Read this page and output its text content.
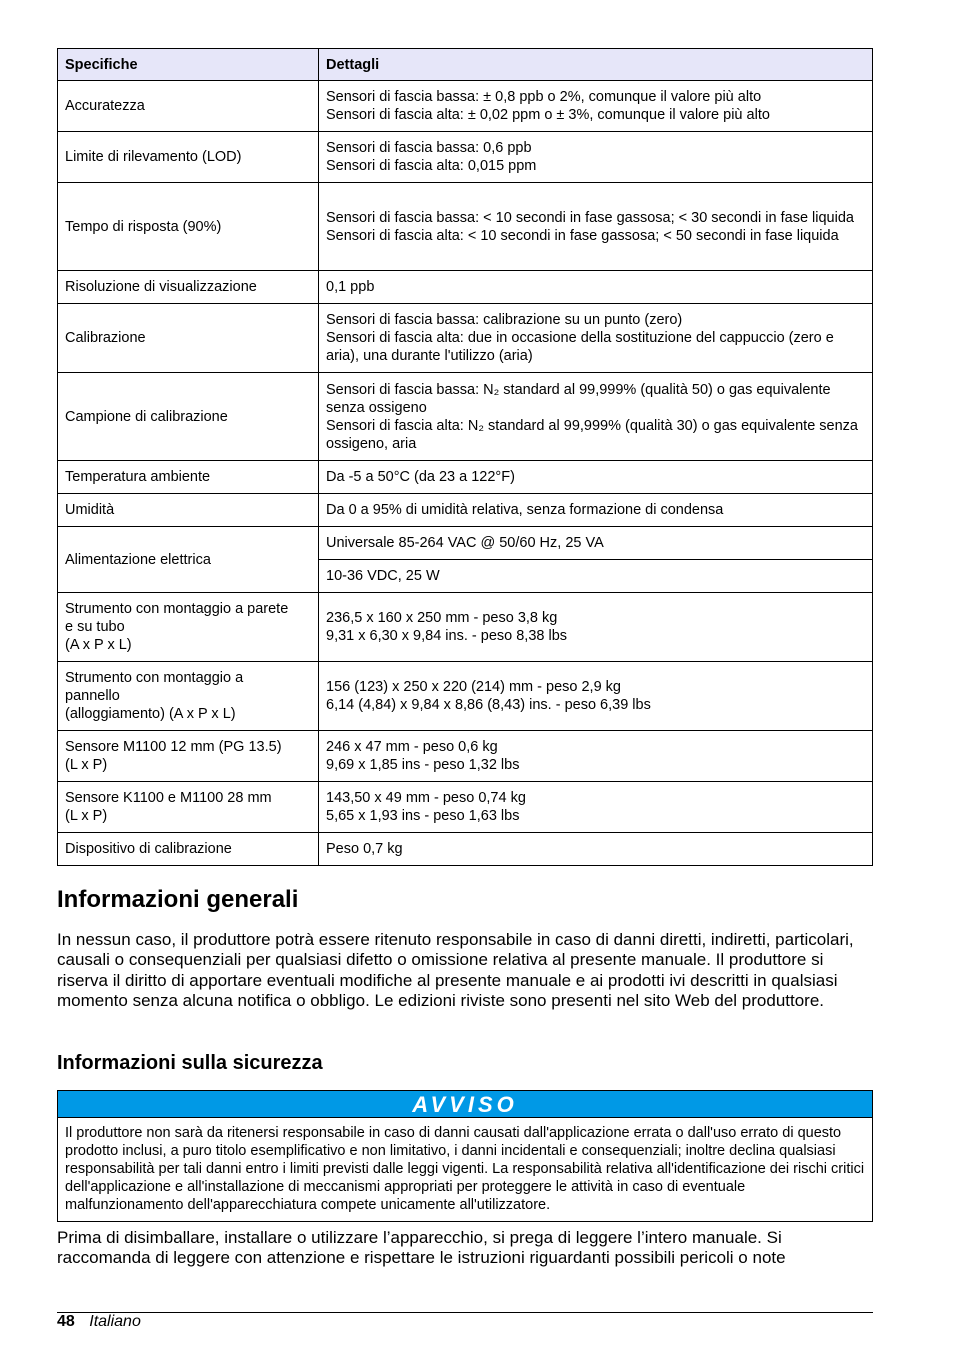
Specifiche	Dettagli

Accuratezza	Sensori di fascia bassa: ± 0,8 ppb o 2%, comunque il valore più alto
Sensori di fascia alta: ± 0,02 ppm o ± 3%, comunque il valore più alto

Limite di rilevamento (LOD)	Sensori di fascia bassa: 0,6 ppb
Sensori di fascia alta: 0,015 ppm

Tempo di risposta (90%)	Sensori di fascia bassa: < 10 secondi in fase gassosa; < 30 secondi in fase liquida
Sensori di fascia alta: < 10 secondi in fase gassosa; < 50 secondi in fase liquida

Risoluzione di visualizzazione	0,1 ppb

Calibrazione	Sensori di fascia bassa: calibrazione su un punto (zero)
Sensori di fascia alta: due in occasione della sostituzione del cappuccio (zero e aria), una durante l'utilizzo (aria)

Campione di calibrazione	Sensori di fascia bassa: N₂ standard al 99,999% (qualità 50) o gas equivalente senza ossigeno
Sensori di fascia alta: N₂ standard al 99,999% (qualità 30) o gas equivalente senza ossigeno, aria

Temperatura ambiente	Da -5 a 50°C (da 23 a 122°F)

Umidità	Da 0 a 95% di umidità relativa, senza formazione di condensa

Alimentazione elettrica	Universale 85-264 VAC @ 50/60 Hz, 25 VA

	10-36 VDC, 25 W

Strumento con montaggio a parete
e su tubo
(A x P x L)	236,5 x 160 x 250 mm - peso 3,8 kg
9,31 x 6,30 x 9,84 ins. - peso 8,38 lbs

Strumento con montaggio a
pannello
(alloggiamento) (A x P x L)	156 (123) x 250 x 220 (214) mm - peso 2,9 kg
6,14 (4,84) x 9,84 x 8,86 (8,43) ins. - peso 6,39 lbs

Sensore M1100 12 mm (PG 13.5)
(L x P)	246 x 47 mm - peso 0,6 kg
9,69 x 1,85 ins - peso 1,32 lbs

Sensore K1100 e M1100 28 mm
(L x P)	143,50 x 49 mm - peso 0,74 kg
5,65 x 1,93 ins - peso 1,63 lbs

Dispositivo di calibrazione	Peso 0,7 kg
Informazioni generali

In nessun caso, il produttore potrà essere ritenuto responsabile in caso di danni diretti, indiretti, particolari, causali o consequenziali per qualsiasi difetto o omissione relativa al presente manuale. Il produttore si riserva il diritto di apportare eventuali modifiche al presente manuale e ai prodotti ivi descritti in qualsiasi momento senza alcuna notifica o obbligo. Le edizioni riviste sono presenti nel sito Web del produttore.

Informazioni sulla sicurezza
AVVISO
Il produttore non sarà da ritenersi responsabile in caso di danni causati dall'applicazione errata o dall'uso errato di questo prodotto inclusi, a puro titolo esemplificativo e non limitativo, i danni incidentali e consequenziali; inoltre declina qualsiasi responsabilità per tali danni entro i limiti previsti dalle leggi vigenti. La responsabilità relativa all'identificazione dei rischi critici dell'applicazione e all'installazione di meccanismi appropriati per proteggere le attività in caso di eventuale malfunzionamento dell'apparecchiatura compete unicamente all'utilizzatore.

Prima di disimballare, installare o utilizzare l’apparecchio, si prega di leggere l’intero manuale. Si raccomanda di leggere con attenzione e rispettare le istruzioni riguardanti possibili pericoli o note

48 Italiano
